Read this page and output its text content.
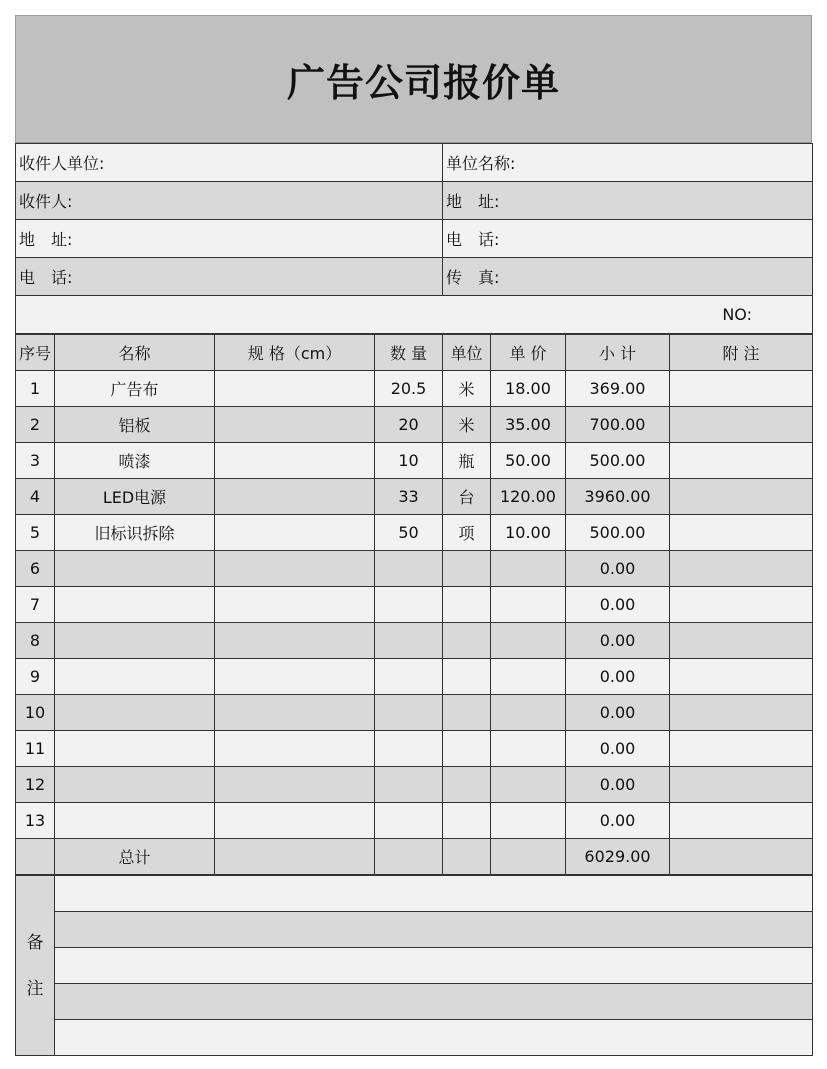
广告公司报价单
收件人单位:	单位名称:
收件人:	地　址:
地　址:	电　话:
电　话:	传　真:
NO:	
序号	名称	规 格（cm）	数 量	单位	单 价	小 计	附 注
1	广告布		20.5	米	18.00	369.00	
2	铝板		20	米	35.00	700.00	
3	喷漆		10	瓶	50.00	500.00	
4	LED电源		33	台	120.00	3960.00	
5	旧标识拆除		50	项	10.00	500.00	
6						0.00	
7						0.00	
8						0.00	
9						0.00	
10						0.00	
11						0.00	
12						0.00	
13						0.00	
	总计					6029.00	
备
注	
